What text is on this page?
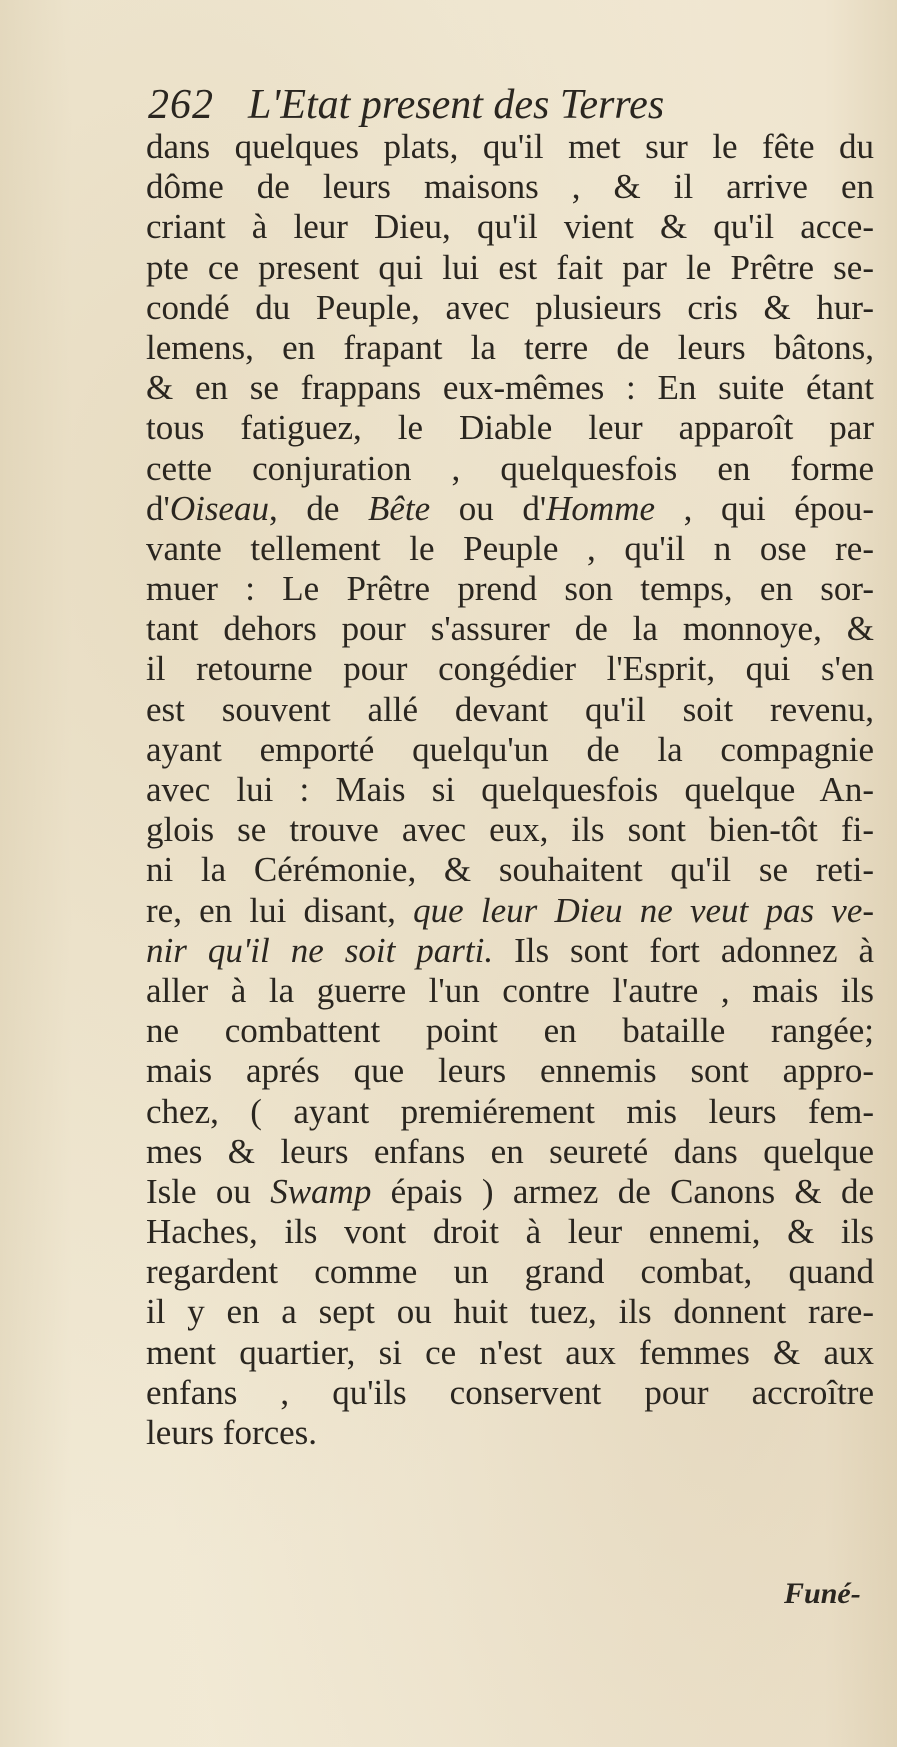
262 L'Etat present des Terres
dans quelques plats, qu'il met sur le fête du
dôme de leurs maisons , & il arrive en
criant à leur Dieu, qu'il vient & qu'il acce-
pte ce present qui lui est fait par le Prêtre se-
condé du Peuple, avec plusieurs cris & hur-
lemens, en frapant la terre de leurs bâtons,
& en se frappans eux-mêmes : En suite étant
tous fatiguez, le Diable leur apparoît par
cette conjuration , quelquesfois en forme
d'Oiseau, de Bête ou d'Homme , qui épou-
vante tellement le Peuple , qu'il n ose re-
muer : Le Prêtre prend son temps, en sor-
tant dehors pour s'assurer de la monnoye, &
il retourne pour congédier l'Esprit, qui s'en
est souvent allé devant qu'il soit revenu,
ayant emporté quelqu'un de la compagnie
avec lui : Mais si quelquesfois quelque An-
glois se trouve avec eux, ils sont bien-tôt fi-
ni la Cérémonie, & souhaitent qu'il se reti-
re, en lui disant, que leur Dieu ne veut pas ve-
nir qu'il ne soit parti. Ils sont fort adonnez à
aller à la guerre l'un contre l'autre , mais ils
ne combattent point en bataille rangée;
mais aprés que leurs ennemis sont appro-
chez, ( ayant premiérement mis leurs fem-
mes & leurs enfans en seureté dans quelque
Isle ou Swamp épais ) armez de Canons & de
Haches, ils vont droit à leur ennemi, & ils
regardent comme un grand combat, quand
il y en a sept ou huit tuez, ils donnent rare-
ment quartier, si ce n'est aux femmes & aux
enfans , qu'ils conservent pour accroître
leurs forces.
Funé-
